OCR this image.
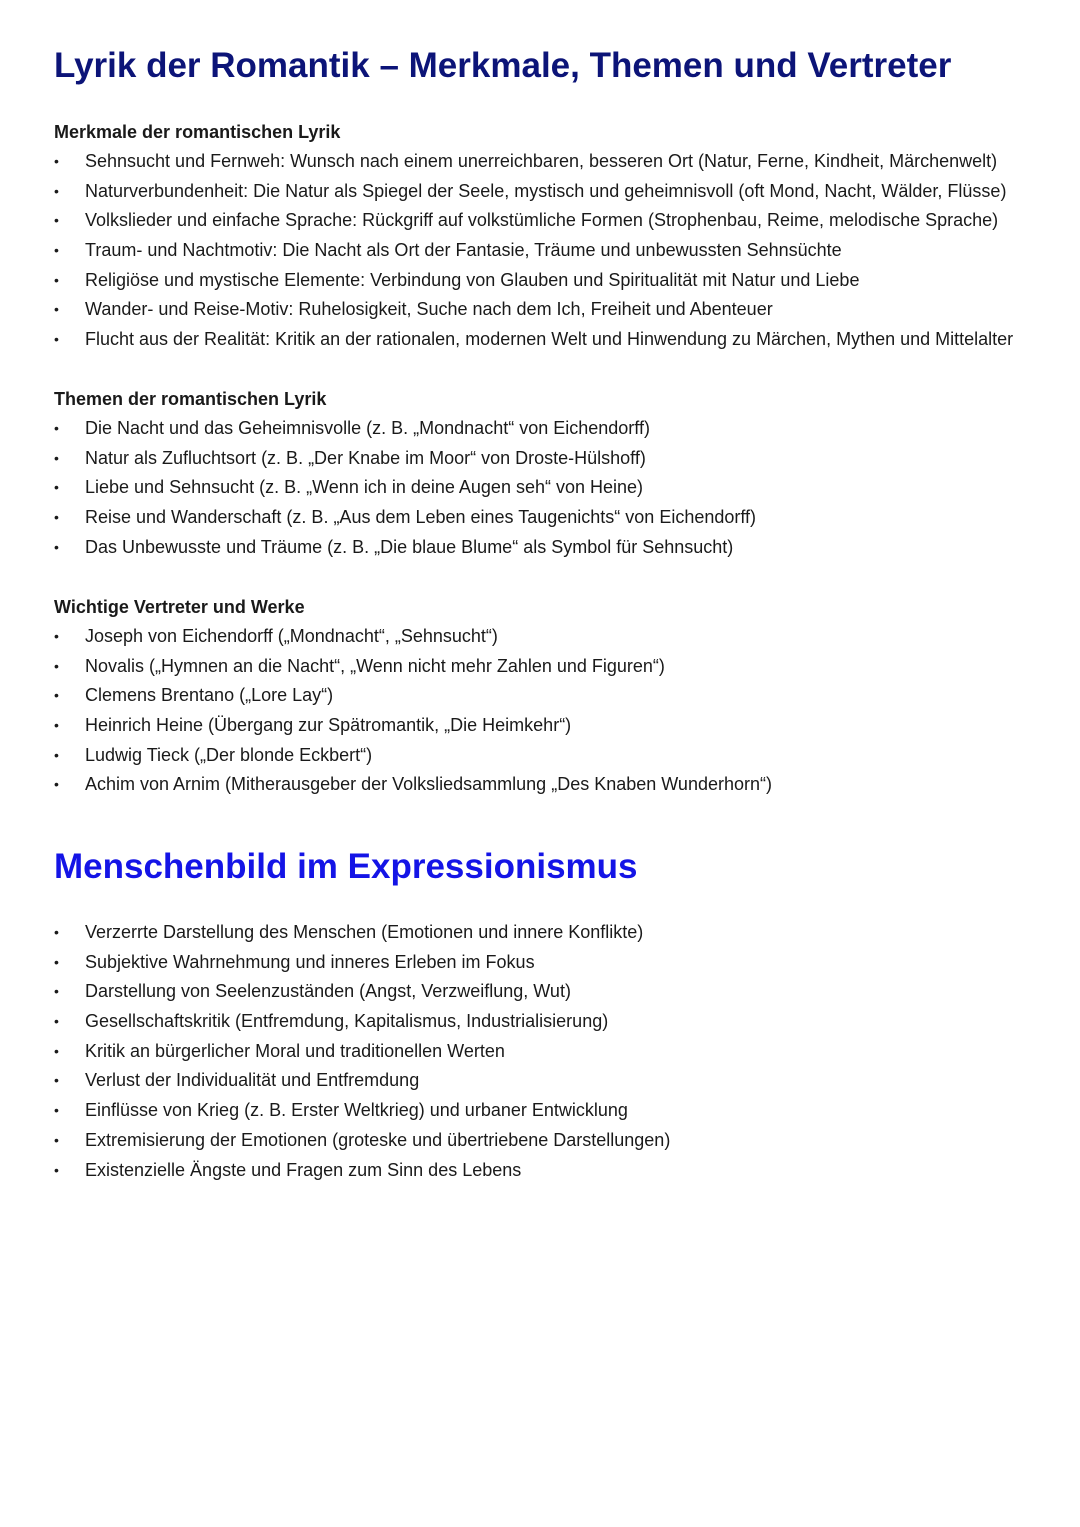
Lyrik der Romantik – Merkmale, Themen und Vertreter
Merkmale der romantischen Lyrik
• Sehnsucht und Fernweh: Wunsch nach einem unerreichbaren, besseren Ort (Natur, Ferne, Kindheit, Märchenwelt)
• Naturverbundenheit: Die Natur als Spiegel der Seele, mystisch und geheimnisvoll (oft Mond, Nacht, Wälder, Flüsse)
• Volkslieder und einfache Sprache: Rückgriff auf volkstümliche Formen (Strophenbau, Reime, melodische Sprache)
• Traum- und Nachtmotiv: Die Nacht als Ort der Fantasie, Träume und unbewussten Sehnsüchte
• Religiöse und mystische Elemente: Verbindung von Glauben und Spiritualität mit Natur und Liebe
• Wander- und Reise-Motiv: Ruhelosigkeit, Suche nach dem Ich, Freiheit und Abenteuer
• Flucht aus der Realität: Kritik an der rationalen, modernen Welt und Hinwendung zu Märchen, Mythen und Mittelalter
Themen der romantischen Lyrik
• Die Nacht und das Geheimnisvolle (z. B. „Mondnacht“ von Eichendorff)
• Natur als Zufluchtsort (z. B. „Der Knabe im Moor“ von Droste-Hülshoff)
• Liebe und Sehnsucht (z. B. „Wenn ich in deine Augen seh“ von Heine)
• Reise und Wanderschaft (z. B. „Aus dem Leben eines Taugenichts“ von Eichendorff)
• Das Unbewusste und Träume (z. B. „Die blaue Blume“ als Symbol für Sehnsucht)
Wichtige Vertreter und Werke
• Joseph von Eichendorff („Mondnacht“, „Sehnsucht“)
• Novalis („Hymnen an die Nacht“, „Wenn nicht mehr Zahlen und Figuren“)
• Clemens Brentano („Lore Lay“)
• Heinrich Heine (Übergang zur Spätromantik, „Die Heimkehr“)
• Ludwig Tieck („Der blonde Eckbert“)
• Achim von Arnim (Mitherausgeber der Volksliedsammlung „Des Knaben Wunderhorn“)
Menschenbild im Expressionismus
• Verzerrte Darstellung des Menschen (Emotionen und innere Konflikte)
• Subjektive Wahrnehmung und inneres Erleben im Fokus
• Darstellung von Seelenzuständen (Angst, Verzweiflung, Wut)
• Gesellschaftskritik (Entfremdung, Kapitalismus, Industrialisierung)
• Kritik an bürgerlicher Moral und traditionellen Werten
• Verlust der Individualität und Entfremdung
• Einflüsse von Krieg (z. B. Erster Weltkrieg) und urbaner Entwicklung
• Extremisierung der Emotionen (groteske und übertriebene Darstellungen)
• Existenzielle Ängste und Fragen zum Sinn des Lebens
